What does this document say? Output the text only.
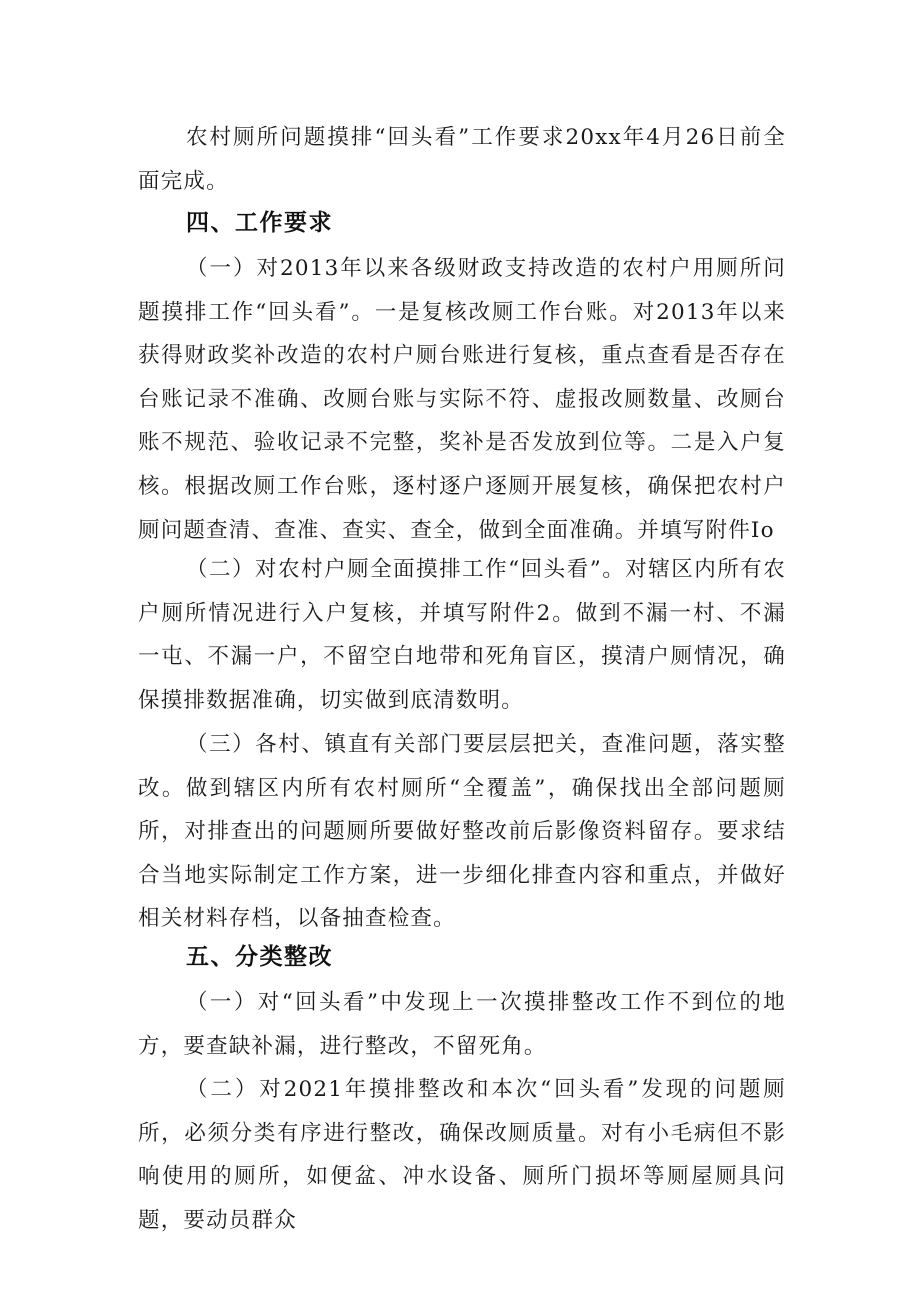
农村厕所问题摸排“回头看”工作要求20xx年4月26日前全面完成。

四、工作要求

（一）对2013年以来各级财政支持改造的农村户用厕所问题摸排工作“回头看”。一是复核改厕工作台账。对2013年以来获得财政奖补改造的农村户厕台账进行复核，重点查看是否存在台账记录不准确、改厕台账与实际不符、虚报改厕数量、改厕台账不规范、验收记录不完整，奖补是否发放到位等。二是入户复核。根据改厕工作台账，逐村逐户逐厕开展复核，确保把农村户厕问题查清、查准、查实、查全，做到全面准确。并填写附件Io

（二）对农村户厕全面摸排工作“回头看”。对辖区内所有农户厕所情况进行入户复核，并填写附件2。做到不漏一村、不漏一屯、不漏一户，不留空白地带和死角盲区，摸清户厕情况，确保摸排数据准确，切实做到底清数明。

（三）各村、镇直有关部门要层层把关，查准问题，落实整改。做到辖区内所有农村厕所“全覆盖”，确保找出全部问题厕所，对排查出的问题厕所要做好整改前后影像资料留存。要求结合当地实际制定工作方案，进一步细化排查内容和重点，并做好相关材料存档，以备抽查检查。

五、分类整改

（一）对“回头看”中发现上一次摸排整改工作不到位的地方，要查缺补漏，进行整改，不留死角。

（二）对2021年摸排整改和本次“回头看”发现的问题厕所，必须分类有序进行整改，确保改厕质量。对有小毛病但不影响使用的厕所，如便盆、冲水设备、厕所门损坏等厕屋厕具问题，要动员群众
